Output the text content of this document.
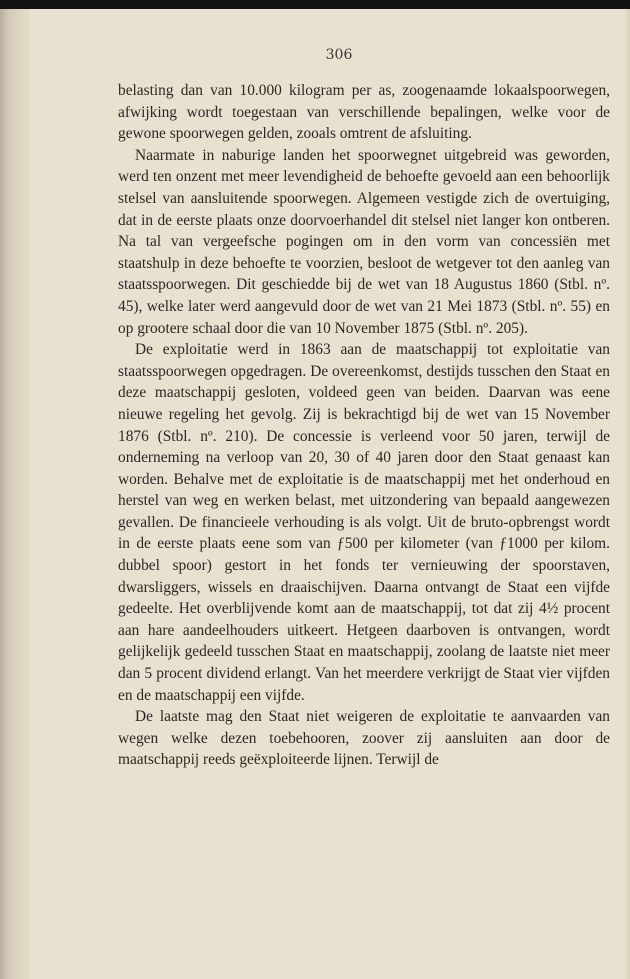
306

belasting dan van 10.000 kilogram per as, zoogenaamde lokaalspoorwegen, afwijking wordt toegestaan van verschillende bepalingen, welke voor de gewone spoorwegen gelden, zooals omtrent de afsluiting.

Naarmate in naburige landen het spoorwegnet uitgebreid was geworden, werd ten onzent met meer levendigheid de behoefte gevoeld aan een behoorlijk stelsel van aansluitende spoorwegen. Algemeen vestigde zich de overtuiging, dat in de eerste plaats onze doorvoerhandel dit stelsel niet langer kon ontberen. Na tal van vergeefsche pogingen om in den vorm van concessiën met staatshulp in deze behoefte te voorzien, besloot de wetgever tot den aanleg van staatsspoorwegen. Dit geschiedde bij de wet van 18 Augustus 1860 (Stbl. nº. 45), welke later werd aangevuld door de wet van 21 Mei 1873 (Stbl. nº. 55) en op grootere schaal door die van 10 November 1875 (Stbl. nº. 205).

De exploitatie werd in 1863 aan de maatschappij tot exploitatie van staatsspoorwegen opgedragen. De overeenkomst, destijds tusschen den Staat en deze maatschappij gesloten, voldeed geen van beiden. Daarvan was eene nieuwe regeling het gevolg. Zij is bekrachtigd bij de wet van 15 November 1876 (Stbl. nº. 210). De concessie is verleend voor 50 jaren, terwijl de onderneming na verloop van 20, 30 of 40 jaren door den Staat genaast kan worden. Behalve met de exploitatie is de maatschappij met het onderhoud en herstel van weg en werken belast, met uitzondering van bepaald aangewezen gevallen. De financieele verhouding is als volgt. Uit de bruto-opbrengst wordt in de eerste plaats eene som van ƒ500 per kilometer (van ƒ1000 per kilom. dubbel spoor) gestort in het fonds ter vernieuwing der spoorstaven, dwarsliggers, wissels en draaischijven. Daarna ontvangt de Staat een vijfde gedeelte. Het overblijvende komt aan de maatschappij, tot dat zij 4½ procent aan hare aandeelhouders uitkeert. Hetgeen daarboven is ontvangen, wordt gelijkelijk gedeeld tusschen Staat en maatschappij, zoolang de laatste niet meer dan 5 procent dividend erlangt. Van het meerdere verkrijgt de Staat vier vijfden en de maatschappij een vijfde.

De laatste mag den Staat niet weigeren de exploitatie te aanvaarden van wegen welke dezen toebehooren, zoover zij aansluiten aan door de maatschappij reeds geëxploiteerde lijnen. Terwijl de
